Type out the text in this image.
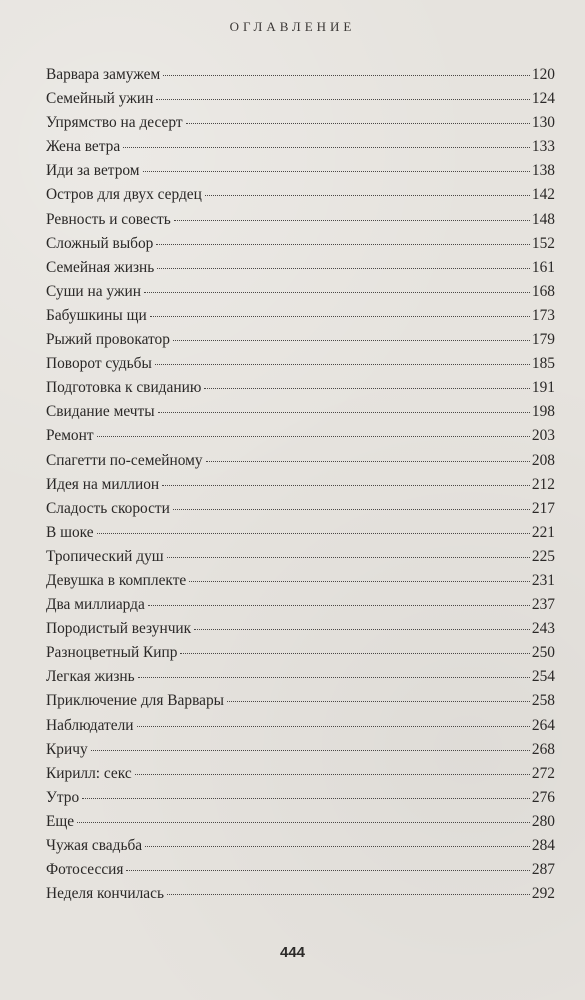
ОГЛАВЛЕНИЕ
Варвара замужем	120
Семейный ужин	124
Упрямство на десерт	130
Жена ветра	133
Иди за ветром	138
Остров для двух сердец	142
Ревность и совесть	148
Сложный выбор	152
Семейная жизнь	161
Суши на ужин	168
Бабушкины щи	173
Рыжий провокатор	179
Поворот судьбы	185
Подготовка к свиданию	191
Свидание мечты	198
Ремонт	203
Спагетти по-семейному	208
Идея на миллион	212
Сладость скорости	217
В шоке	221
Тропический душ	225
Девушка в комплекте	231
Два миллиарда	237
Породистый везунчик	243
Разноцветный Кипр	250
Легкая жизнь	254
Приключение для Варвары	258
Наблюдатели	264
Кричу	268
Кирилл: секс	272
Утро	276
Еще	280
Чужая свадьба	284
Фотосессия	287
Неделя кончилась	292
444
